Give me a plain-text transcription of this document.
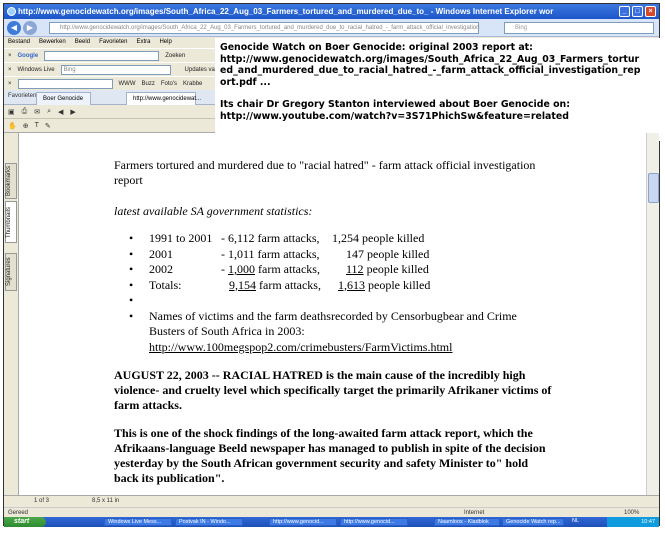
http://www.genocidewatch.org/images/South_Africa_22_Aug_03_Farmers_tortured_and_murdered_due_to_ - Windows Internet Explorer wor	_	□	×
◀	▶	http://www.genocidewatch.org/images/South_Africa_22_Aug_03_Farmers_tortured_and_murdered_due_to_racial_hatred_-_farm_attack_official_investigation	Bing
Bestand Bewerken Beeld Favorieten Extra Help
× Google	Zoeken
× Windows Live	Bing	Updates va
×	WWW Buzz Foto's Krabbe
Favorieten	Boer Genocide	http://www.genocidewat...
▣ ⎙ ✉ ⌕ ◀ ▶
✋ ⊕ T ✎
Genocide Watch on Boer Genocide: original 2003 report at:
http://www.genocidewatch.org/images/South_Africa_22_Aug_03_Farmers_tortur
ed_and_murdered_due_to_racial_hatred_-_farm_attack_official_investigation_rep
ort.pdf ...
Its chair Dr Gregory Stanton interviewed about Boer Genocide on:
http://www.youtube.com/watch?v=3S71PhichSw&feature=related
Bookmarks
Thumbnails
Signatures
Farmers tortured and murdered due to "racial hatred" - farm attack official investigation report
latest available SA government statistics:
• 1991 to 2001 - 6,112 farm attacks, 1,254 people killed
• 2001	- 1,011 farm attacks, 147 people killed
• 2002	- 1,000 farm attacks, 112 people killed
• Totals:	9,154 farm attacks, 1,613 people killed
•
• Names of victims and the farm deathsrecorded by Censorbugbear and Crime Busters of South Africa in 2003:
http://www.100megspop2.com/crimebusters/FarmVictims.html
AUGUST 22, 2003 -- RACIAL HATRED is the main cause of the incredibly high violence- and cruelty level which specifically target the primarily Afrikaner victims of farm attacks.
This is one of the shock findings of the long-awaited farm attack report, which the Afrikaans-language Beeld newspaper has managed to publish in spite of the decision yesterday by the South African government security and safety Minister to" hold back its publication".
•
1 of 3	8,5 x 11 in
Gereed	Internet	100%
start	Windows Live Mess...	Postvak IN - Windo...	http://www.genocid...	http://www.genocid...	Naamloos - Kladblok	Genocide Watch rep...	NL	10:47
